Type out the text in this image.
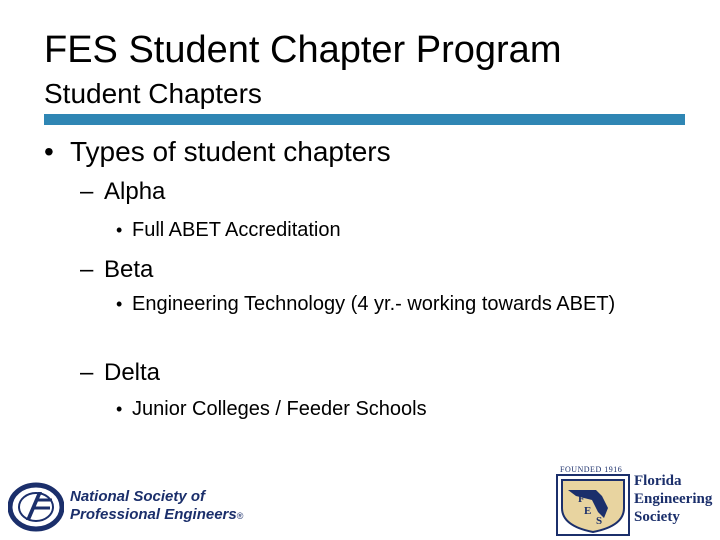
FES Student Chapter Program
Student Chapters
• Types of student chapters
– Alpha
• Full ABET Accreditation
– Beta
• Engineering Technology (4 yr.- working towards ABET)
– Delta
• Junior Colleges / Feeder Schools
National Society of
Professional Engineers®
FOUNDED 1916
F
E
S
Florida
Engineering
Society
